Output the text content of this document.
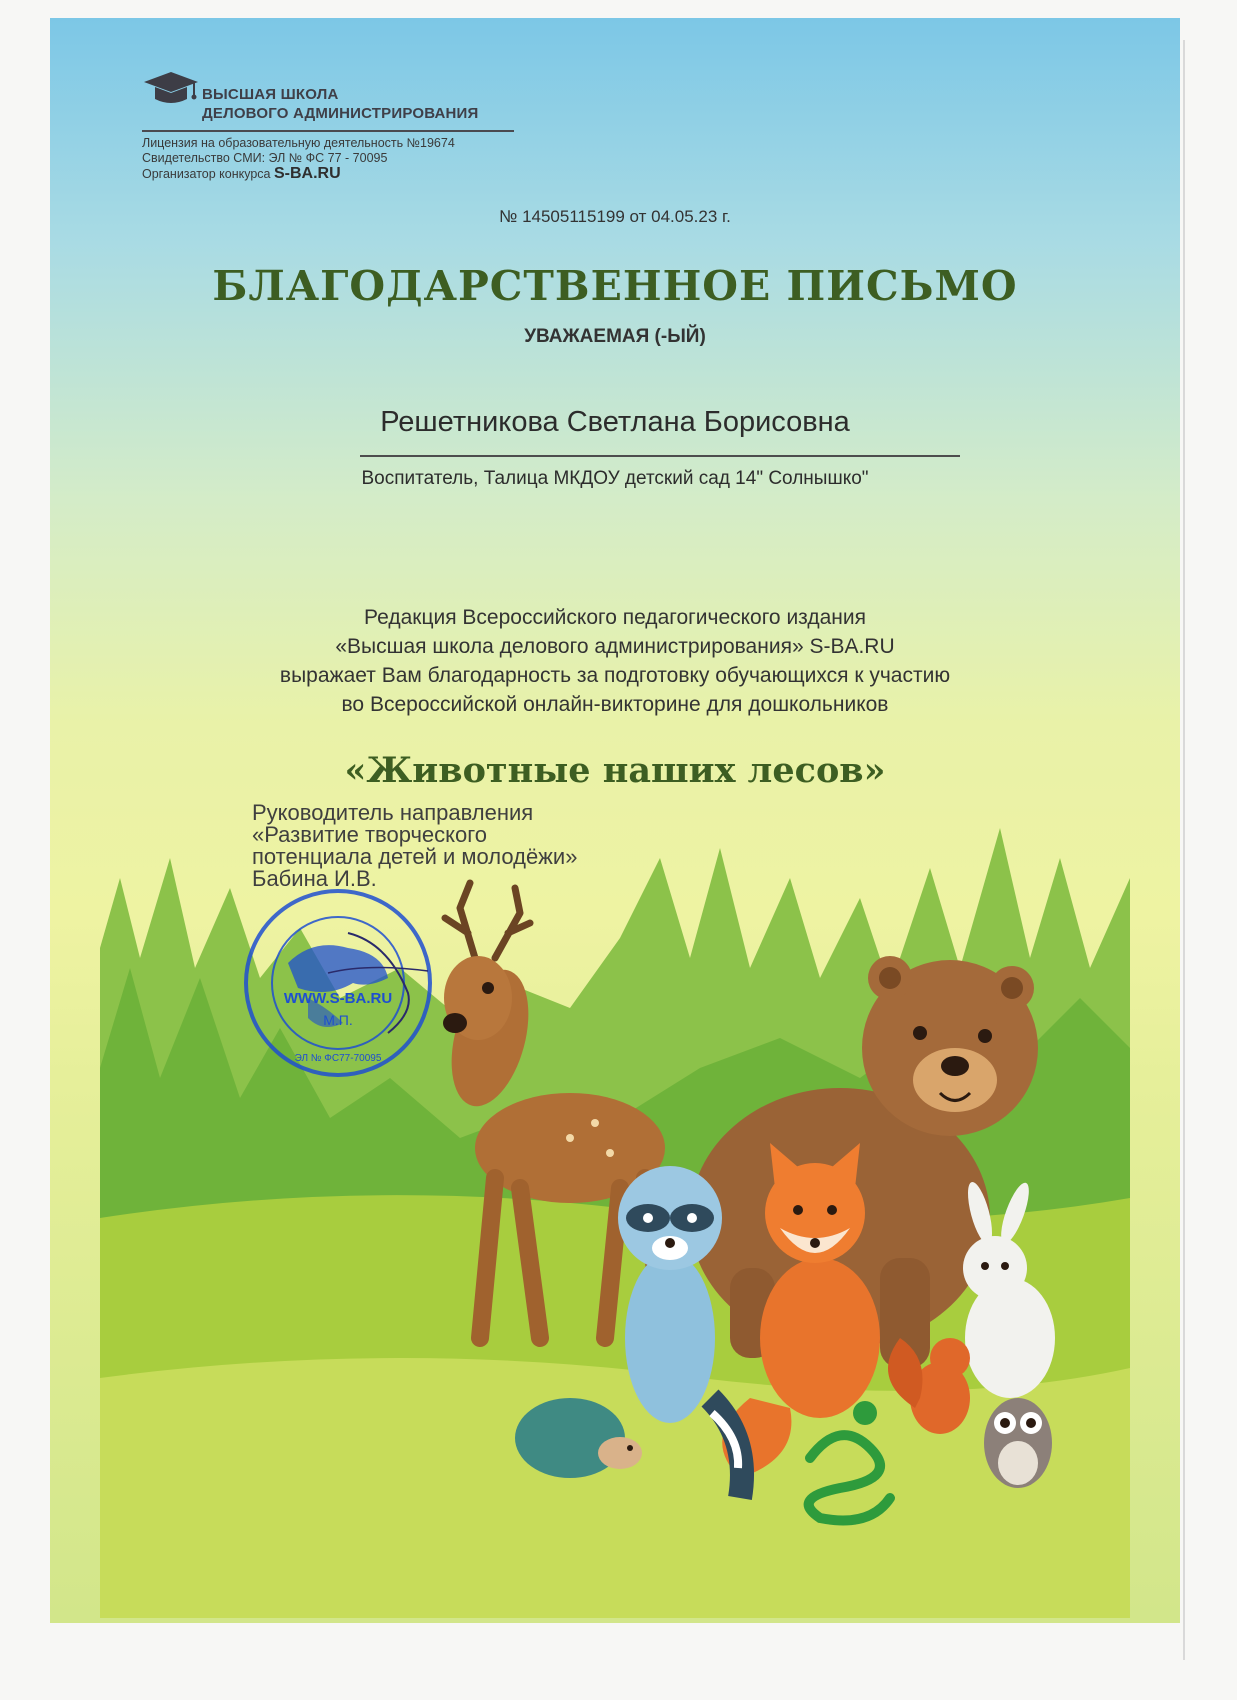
ВЫСШАЯ ШКОЛА
ДЕЛОВОГО АДМИНИСТРИРОВАНИЯ
Лицензия на образовательную деятельность №19674
Свидетельство СМИ: ЭЛ № ФС 77 - 70095
Организатор конкурса S-BA.RU
№ 14505115199 от 04.05.23 г.
БЛАГОДАРСТВЕННОЕ ПИСЬМО
УВАЖАЕМАЯ (-ЫЙ)
Решетникова Светлана Борисовна
Воспитатель, Талица МКДОУ детский сад 14" Солнышко"
Редакция Всероссийского педагогического издания
«Высшая школа делового администрирования» S-BA.RU
выражает Вам благодарность за подготовку обучающихся к участию
во Всероссийской онлайн-викторине для дошкольников
«Животные наших лесов»
Руководитель направления
«Развитие творческого
потенциала детей и молодёжи»
Бабина И.В.
WWW.S-BA.RU
М.П.
ЭЛ № ФС77-70095
